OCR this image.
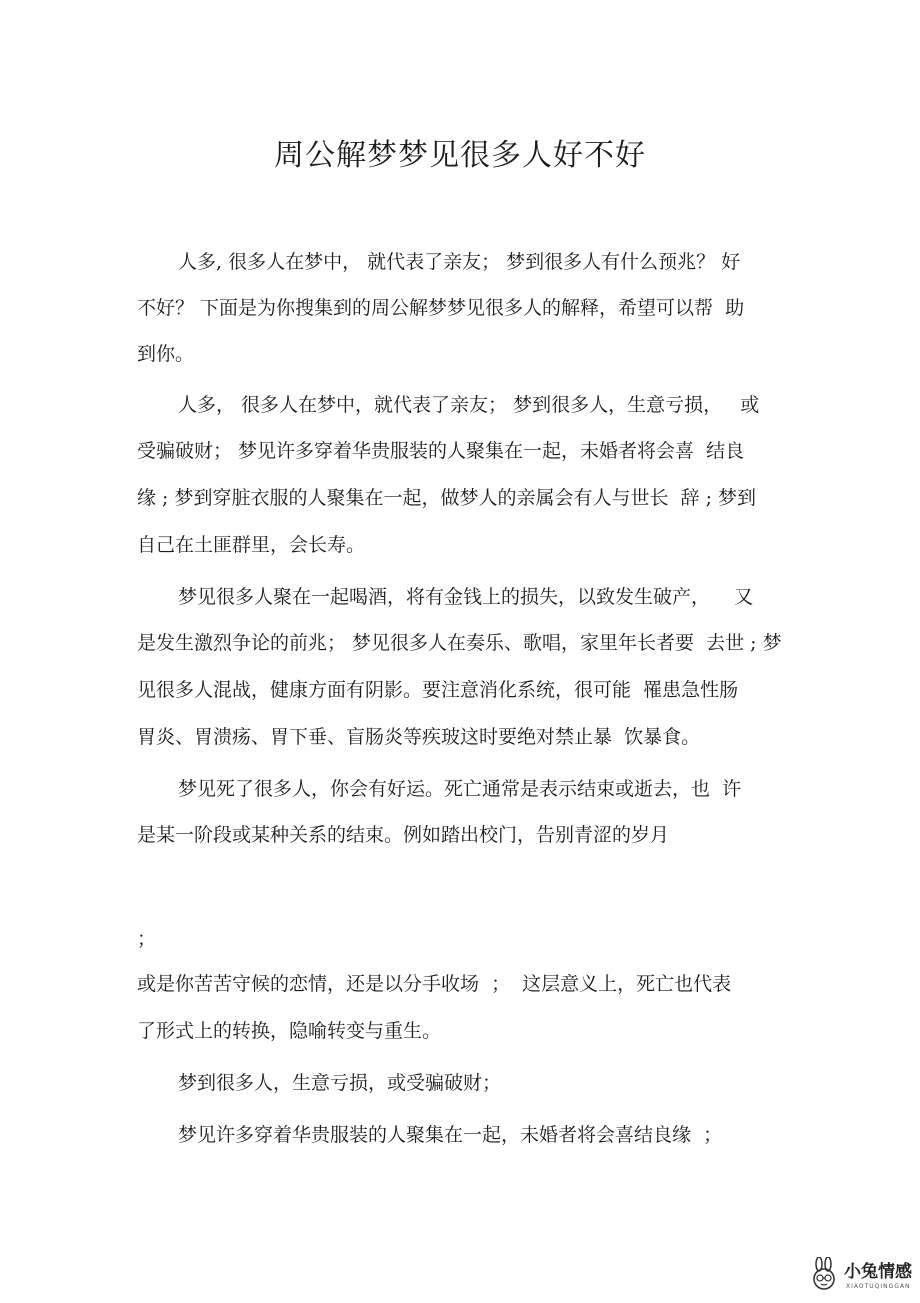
周公解梦梦见很多人好不好
人多, 很多人在梦中， 就代表了亲友； 梦到很多人有什么预兆？ 好
不好？ 下面是为你搜集到的周公解梦梦见很多人的解释，希望可以帮  助
到你。
人多， 很多人在梦中，就代表了亲友； 梦到很多人，生意亏损，   或
受骗破财； 梦见许多穿着华贵服装的人聚集在一起，未婚者将会喜  结良
缘 ; 梦到穿脏衣服的人聚集在一起，做梦人的亲属会有人与世长  辞 ; 梦到
自己在土匪群里，会长寿。
梦见很多人聚在一起喝酒，将有金钱上的损失，以致发生破产，    又
是发生激烈争论的前兆； 梦见很多人在奏乐、歌唱，家里年长者要  去世 ; 梦
见很多人混战，健康方面有阴影。要注意消化系统，很可能  罹患急性肠
胃炎、胃溃疡、胃下垂、盲肠炎等疾玻这时要绝对禁止暴  饮暴食。
梦见死了很多人，你会有好运。死亡通常是表示结束或逝去，也  许
是某一阶段或某种关系的结束。例如踏出校门，告别青涩的岁月
；
或是你苦苦守候的恋情，还是以分手收场  ；  这层意义上，死亡也代表
了形式上的转换，隐喻转变与重生。
梦到很多人，生意亏损，或受骗破财；
梦见许多穿着华贵服装的人聚集在一起，未婚者将会喜结良缘  ；
小兔情感
XIAOTUQINGGAN
